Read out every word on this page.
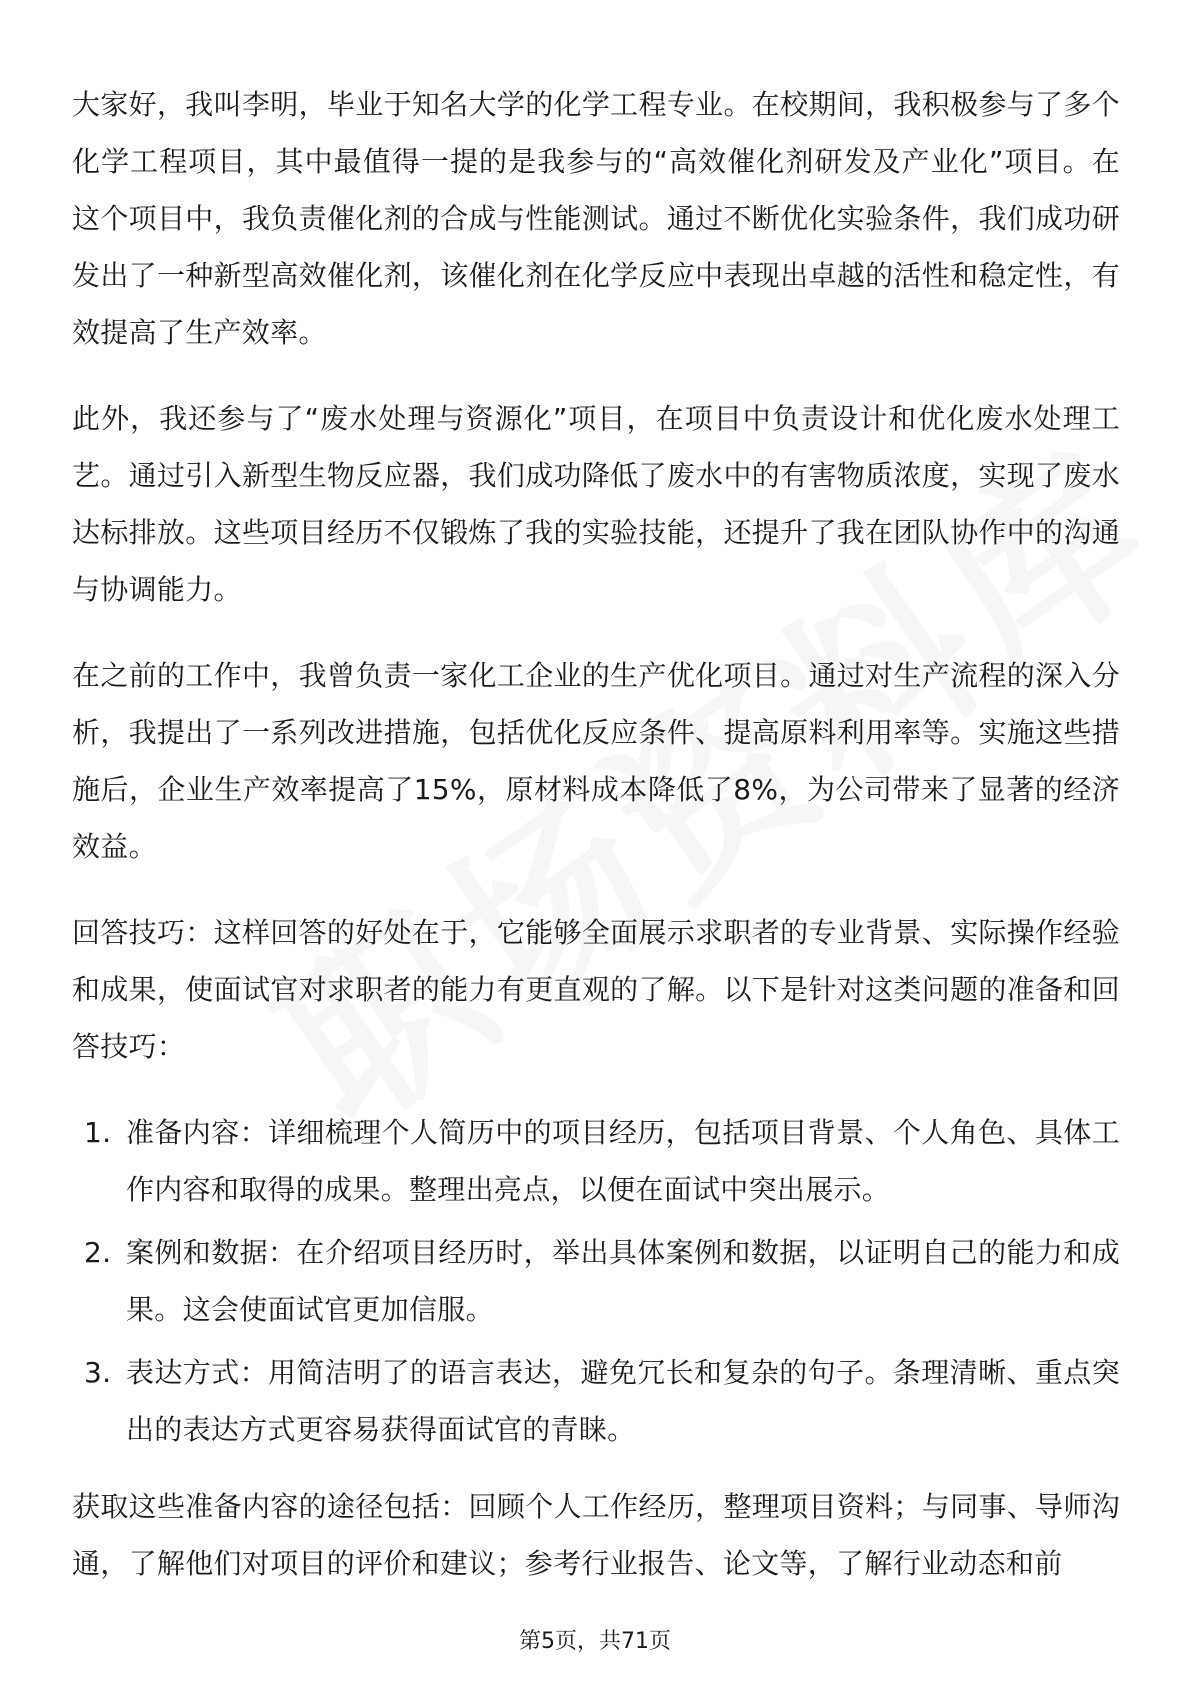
大家好，我叫李明，毕业于知名大学的化学工程专业。在校期间，我积极参与了多个化学工程项目，其中最值得一提的是我参与的“高效催化剂研发及产业化”项目。在这个项目中，我负责催化剂的合成与性能测试。通过不断优化实验条件，我们成功研发出了一种新型高效催化剂，该催化剂在化学反应中表现出卓越的活性和稳定性，有效提高了生产效率。

此外，我还参与了“废水处理与资源化”项目，在项目中负责设计和优化废水处理工艺。通过引入新型生物反应器，我们成功降低了废水中的有害物质浓度，实现了废水达标排放。这些项目经历不仅锻炼了我的实验技能，还提升了我在团队协作中的沟通与协调能力。

在之前的工作中，我曾负责一家化工企业的生产优化项目。通过对生产流程的深入分析，我提出了一系列改进措施，包括优化反应条件、提高原料利用率等。实施这些措施后，企业生产效率提高了15%，原材料成本降低了8%，为公司带来了显著的经济效益。

回答技巧：这样回答的好处在于，它能够全面展示求职者的专业背景、实际操作经验和成果，使面试官对求职者的能力有更直观的了解。以下是针对这类问题的准备和回答技巧：

1. 准备内容：详细梳理个人简历中的项目经历，包括项目背景、个人角色、具体工作内容和取得的成果。整理出亮点，以便在面试中突出展示。
2. 案例和数据：在介绍项目经历时，举出具体案例和数据，以证明自己的能力和成果。这会使面试官更加信服。
3. 表达方式：用简洁明了的语言表达，避免冗长和复杂的句子。条理清晰、重点突出的表达方式更容易获得面试官的青睐。

获取这些准备内容的途径包括：回顾个人工作经历，整理项目资料；与同事、导师沟通，了解他们对项目的评价和建议；参考行业报告、论文等，了解行业动态和前

第5页，共71页
